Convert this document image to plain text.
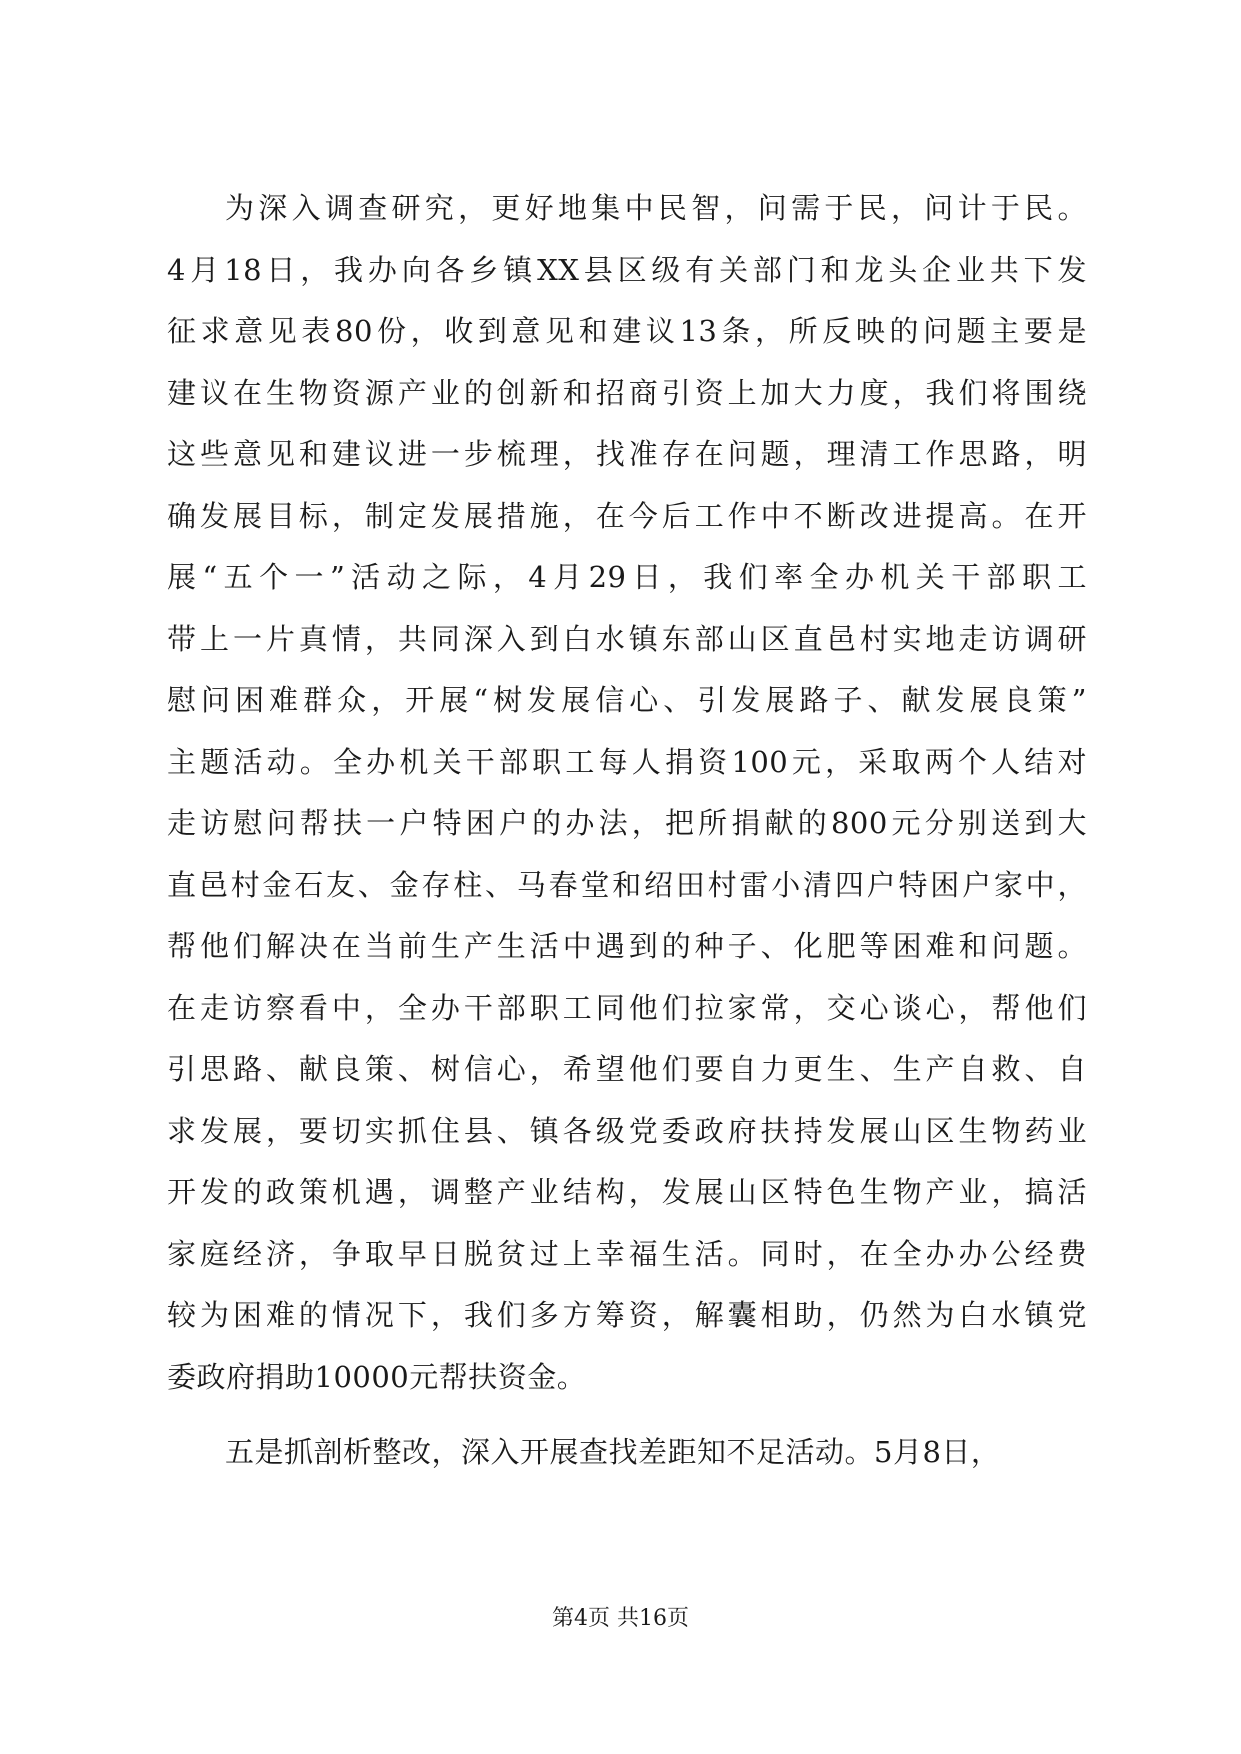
为深入调查研究，更好地集中民智，问需于民，问计于民。
4月18日，我办向各乡镇XX县区级有关部门和龙头企业共下发
征求意见表80份，收到意见和建议13条，所反映的问题主要是
建议在生物资源产业的创新和招商引资上加大力度，我们将围绕
这些意见和建议进一步梳理，找准存在问题，理清工作思路，明
确发展目标，制定发展措施，在今后工作中不断改进提高。在开
展“五个一”活动之际，4月29日，我们率全办机关干部职工
带上一片真情，共同深入到白水镇东部山区直邑村实地走访调研
慰问困难群众，开展“树发展信心、引发展路子、献发展良策”
主题活动。全办机关干部职工每人捐资100元，采取两个人结对
走访慰问帮扶一户特困户的办法，把所捐献的800元分别送到大
直邑村金石友、金存柱、马春堂和绍田村雷小清四户特困户家中，
帮他们解决在当前生产生活中遇到的种子、化肥等困难和问题。
在走访察看中，全办干部职工同他们拉家常，交心谈心，帮他们
引思路、献良策、树信心，希望他们要自力更生、生产自救、自
求发展，要切实抓住县、镇各级党委政府扶持发展山区生物药业
开发的政策机遇，调整产业结构，发展山区特色生物产业，搞活
家庭经济，争取早日脱贫过上幸福生活。同时，在全办办公经费
较为困难的情况下，我们多方筹资，解囊相助，仍然为白水镇党
委政府捐助10000元帮扶资金。
五是抓剖析整改，深入开展查找差距知不足活动。5月8日，
第4页 共16页
